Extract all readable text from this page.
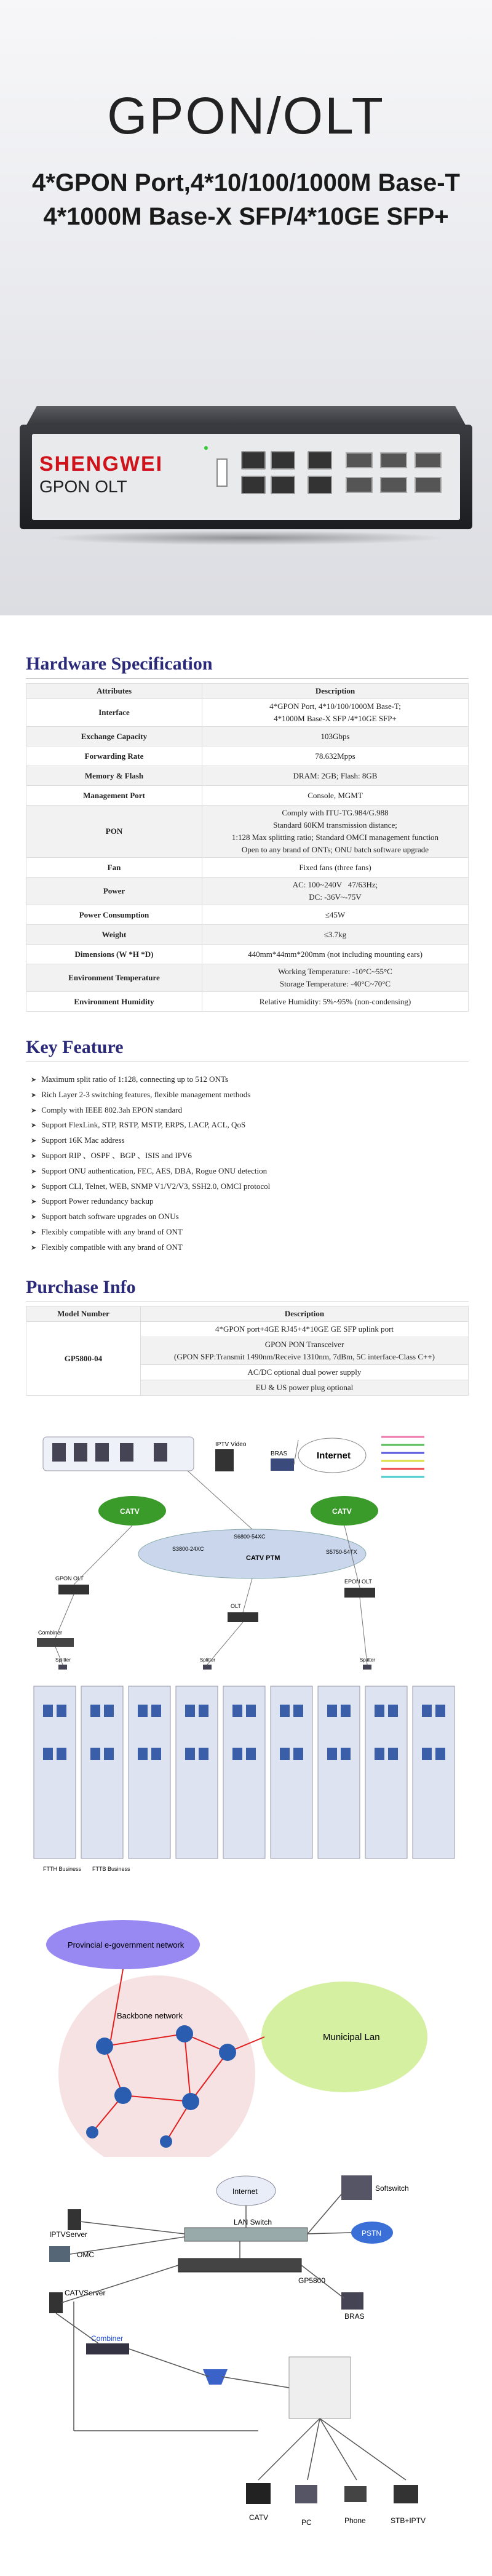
GPON/OLT
4*GPON Port,4*10/100/1000M Base-T
4*1000M Base-X SFP/4*10GE SFP+
SHENGWEI
GPON OLT
Hardware Specification
Attributes	Description
Interface	4*GPON Port, 4*10/100/1000M Base-T;
4*1000M Base-X SFP /4*10GE SFP+

Exchange Capacity	103Gbps

Forwarding Rate	78.632Mpps

Memory & Flash	DRAM: 2GB; Flash: 8GB

Management Port	Console, MGMT

PON	Comply with ITU-TG.984/G.988
Standard 60KM transmission distance;
1:128 Max splitting ratio; Standard OMCI management function
Open to any brand of ONTs; ONU batch software upgrade

Fan	Fixed fans (three fans)

Power	AC: 100~240V   47/63Hz;
DC: -36V~-75V

Power Consumption	≤45W

Weight	≤3.7kg

Dimensions (W *H *D)	440mm*44mm*200mm (not including mounting ears)

Environment Temperature	Working Temperature: -10°C~55°C
Storage Temperature: -40°C~70°C

Environment Humidity	Relative Humidity: 5%~95% (non-condensing)
Key Feature
➤ Maximum split ratio of 1:128, connecting up to 512 ONTs
➤ Rich Layer 2-3 switching features, flexible management methods
➤ Comply with IEEE 802.3ah EPON standard
➤ Support FlexLink, STP, RSTP, MSTP, ERPS, LACP, ACL, QoS
➤ Support 16K Mac address
➤ Support RIP 、OSPF 、BGP 、ISIS and IPV6
➤ Support ONU authentication, FEC, AES, DBA, Rogue ONU detection
➤ Support CLI, Telnet, WEB, SNMP V1/V2/V3, SSH2.0, OMCI protocol
➤ Support Power redundancy backup
➤ Support batch software upgrades on ONUs
➤ Flexibly compatible with any brand of ONT
➤ Flexibly compatible with any brand of ONT
Purchase Info
Model Number	Description
GP5800-04	4*GPON port+4GE RJ45+4*10GE GE SFP uplink port

	GPON PON Transceiver
(GPON SFP:Transmit 1490nm/Receive 1310nm, 7dBm, 5C interface-Class C++)

	AC/DC optional dual power supply

	EU & US power plug optional
IPTV Video
BRAS	Internet
CATV	CATV
S6800-54XC
S3800-24XC
CATV PTM
S5750-54TX
GPON OLT	EPON OLT
OLT
Combiner
Splitter	Splitter	Splitter
FTTH Business FTTB Business
Provincial e-government network
Municipal Lan
Backbone network
Internet	Softswitch
IPTVServer
OMC
LAN Switch
PSTN
GP5800
CATVServer
BRAS
Combiner
CATV
PC	Phone	STB+IPTV
